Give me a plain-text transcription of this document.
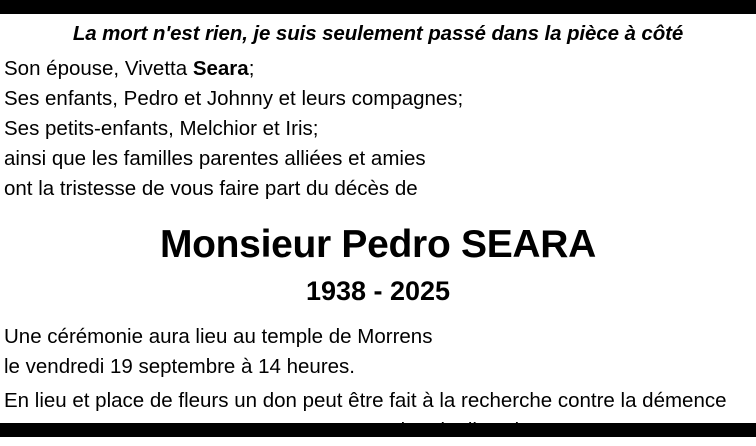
La mort n'est rien, je suis seulement passé dans la pièce à côté
Son épouse, Vivetta Seara;
Ses enfants, Pedro et Johnny et leurs compagnes;
Ses petits-enfants, Melchior et Iris;
ainsi que les familles parentes alliées et amies
ont la tristesse de vous faire part du décès de
Monsieur Pedro SEARA
1938 - 2025
Une cérémonie aura lieu au temple de Morrens
le vendredi 19 septembre à 14 heures.
En lieu et place de fleurs un don peut être fait à la recherche contre la démence
